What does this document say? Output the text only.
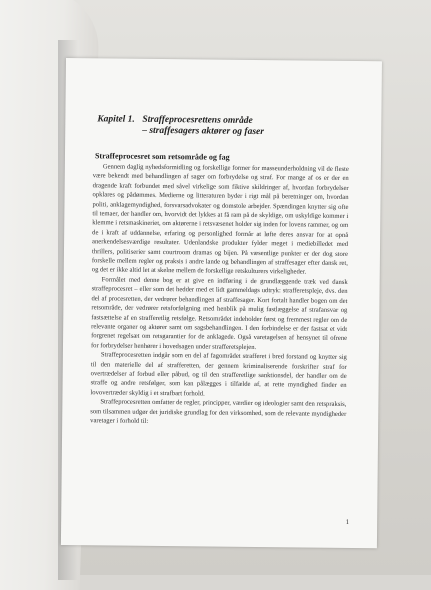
Kapitel 1. Straffeprocesrettens område
– straffesagers aktører og faser
Straffeprocesret som retsområde og fag

Gennem daglig nyhedsformidling og forskellige former for masseunderholdning vil de fleste være bekendt med behandlingen af sager om forbrydelse og straf. For mange af os er der en dragende kraft forbundet med såvel virkelige som fiktive skildringer af, hvordan forbrydelser opklares og pådømmes. Medierne og litteraturen byder i rigt mål på beretninger om, hvordan politi, anklagemyndighed, forsvarsadvokater og domstole arbejder. Spændingen knytter sig ofte til temaer, der handler om, hvorvidt det lykkes at få ram på de skyldige, om uskyldige kommer i klemme i retsmaskineriet, om aktørerne i retsvæsenet holder sig inden for lovens rammer, og om de i kraft af uddannelse, erfaring og personlighed formår at løfte deres ansvar for at opnå anerkendelsesværdige resultater. Udenlandske produkter fylder meget i mediebilledet med thrillers, politiserier samt courtroom dramas og bijen. På væsentlige punkter er der dog store forskelle mellem regler og praksis i andre lande og behandlingen af straffesager efter dansk ret, og det er ikke altid let at skelne mellem de forskellige retskulturers virkeligheder.

Formålet med denne bog er at give en indføring i de grundlæggende træk ved dansk straffeprocesret – eller som det hedder med et lidt gammeldags udtryk: strafferetspleje, dvs. den del af procesretten, der vedrører behandlingen af straffesager. Kort fortalt handler bogen om det retsområde, der vedrører retsforfølgning med henblik på mulig fastlæggelse af strafansvar og fastsættelse af en strafferetlig retsfølge. Retsområdet indeholder først og fremmest regler om de relevante organer og aktører samt om sagsbehandlingen. I den forbindelse er der fastsat et vidt forgrenet regelsæt om retsgarantier for de anklagede. Også varetagelsen af hensynet til ofrene for forbrydelser henhører i hovedsagen under strafferetsplejen.

Straffeprocesretten indgår som en del af fagområdet strafferet i bred forstand og knytter sig til den materielle del af strafferetten, der gennem kriminaliserende forskrifter straf for overtrædelser af forbud eller påbud, og til den strafferetlige sanktionsdel, der handler om de straffe og andre retsfølger, som kan pålægges i tilfælde af, at rette myndighed finder en lovovertræder skyldig i et strafbart forhold.

Straffeprocesretten omfatter de regler, principper, værdier og ideologier samt den retspraksis, som tilsammen udgør det juridiske grundlag for den virksomhed, som de relevante myndigheder varetager i forhold til:

1
